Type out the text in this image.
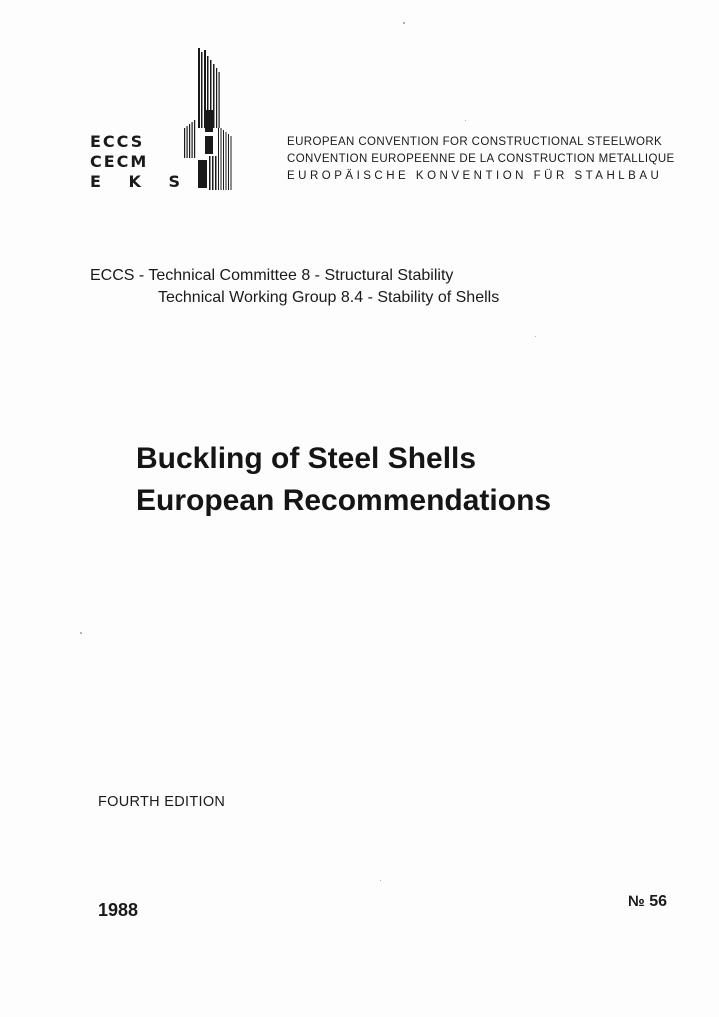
ECCS
CECM
E K S
EUROPEAN CONVENTION FOR CONSTRUCTIONAL STEELWORK
CONVENTION EUROPEENNE DE LA CONSTRUCTION METALLIQUE
EUROPÄISCHE KONVENTION FÜR STAHLBAU
ECCS - Technical Committee 8 - Structural Stability
Technical Working Group 8.4 - Stability of Shells
Buckling of Steel Shells
European Recommendations
FOURTH EDITION
1988	№ 56
